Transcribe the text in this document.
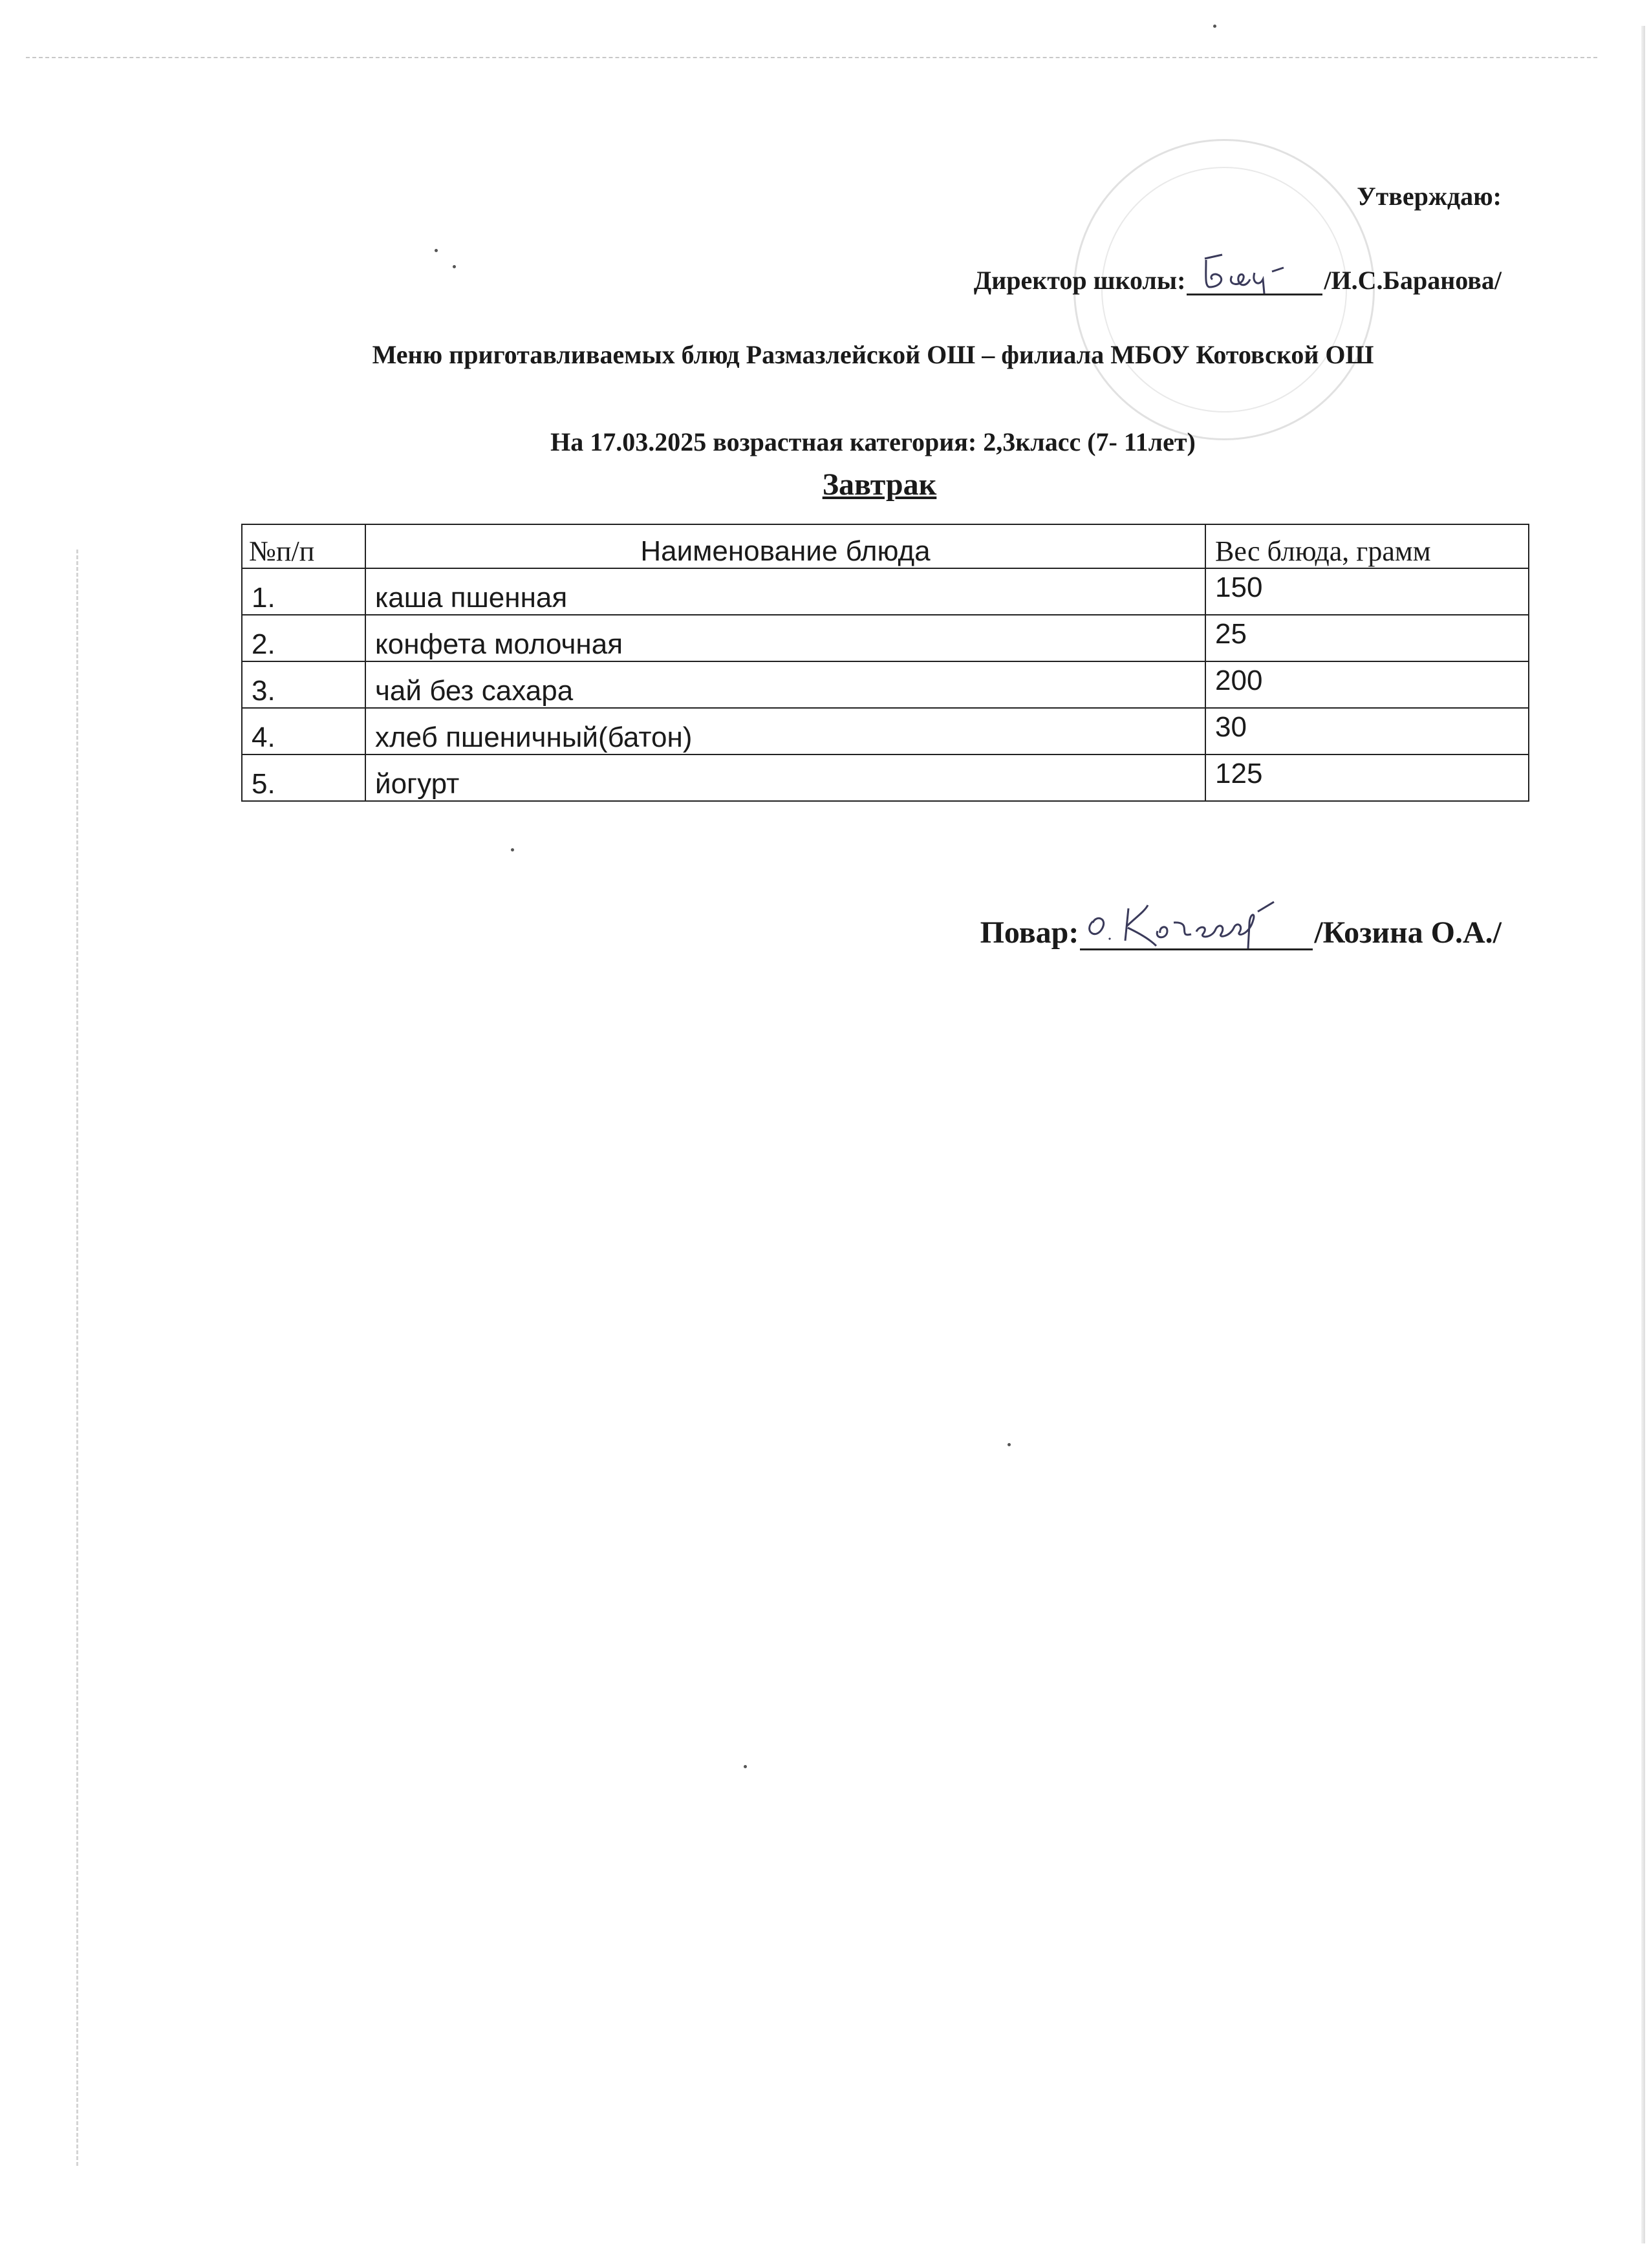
Утверждаю:
Директор школы:	/И.С.Баранова/
Меню приготавливаемых блюд Размазлейской ОШ – филиала МБОУ Котовской ОШ
На 17.03.2025 возрастная категория: 2,3класс (7- 11лет)
Завтрак
№п/п	Наименование блюда	Вес блюда, грамм
1.	каша пшенная	150
2.	конфета молочная	25
3.	чай без сахара	200
4.	хлеб пшеничный(батон)	30
5.	йогурт	125
Повар:	/Козина О.А./
